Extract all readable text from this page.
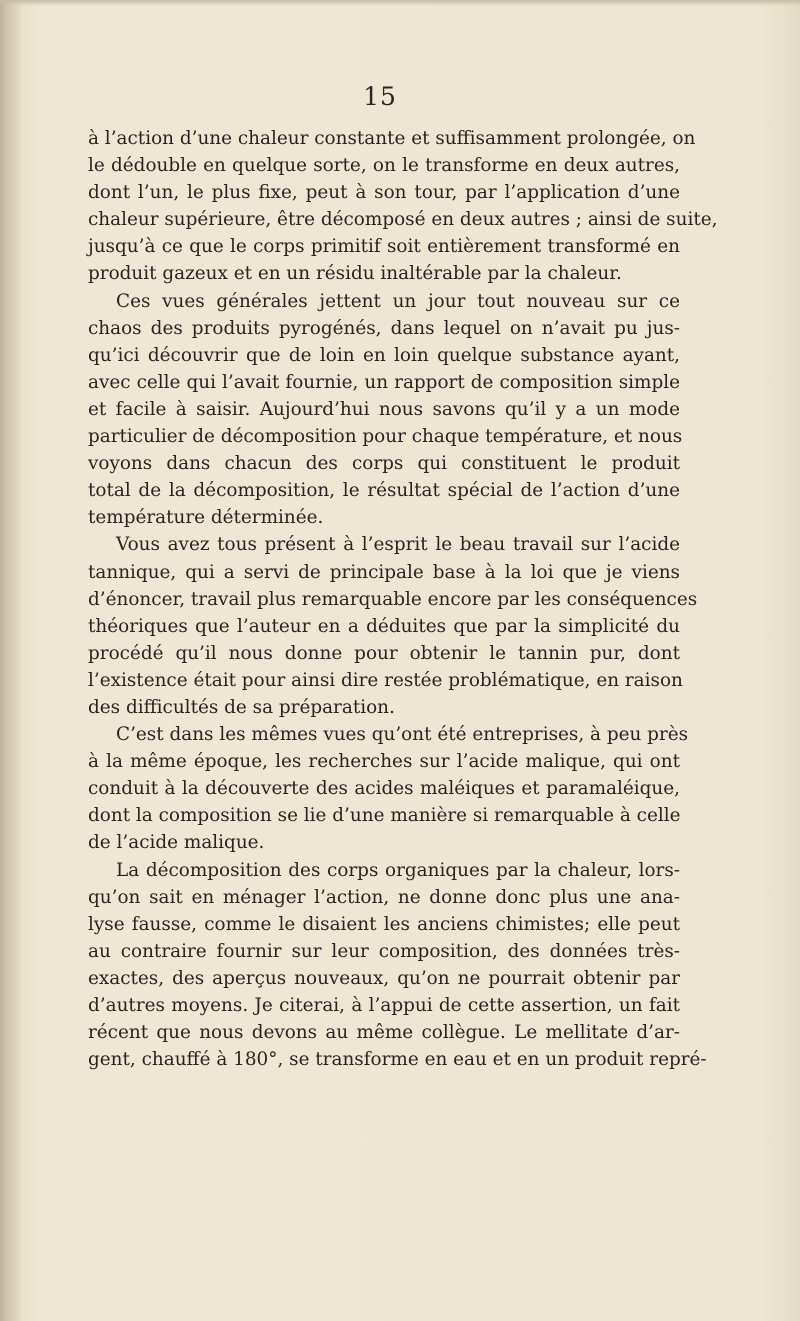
15
à l’action d’une chaleur constante et suffisamment prolongée, on
le dédouble en quelque sorte, on le transforme en deux autres,
dont l’un, le plus fixe, peut à son tour, par l’application d’une
chaleur supérieure, être décomposé en deux autres ; ainsi de suite,
jusqu’à ce que le corps primitif soit entièrement transformé en
produit gazeux et en un résidu inaltérable par la chaleur.
Ces vues générales jettent un jour tout nouveau sur ce
chaos des produits pyrogénés, dans lequel on n’avait pu jus-
qu’ici découvrir que de loin en loin quelque substance ayant,
avec celle qui l’avait fournie, un rapport de composition simple
et facile à saisir. Aujourd’hui nous savons qu’il y a un mode
particulier de décomposition pour chaque température, et nous
voyons dans chacun des corps qui constituent le produit
total de la décomposition, le résultat spécial de l’action d’une
température déterminée.
Vous avez tous présent à l’esprit le beau travail sur l’acide
tannique, qui a servi de principale base à la loi que je viens
d’énoncer, travail plus remarquable encore par les conséquences
théoriques que l’auteur en a déduites que par la simplicité du
procédé qu’il nous donne pour obtenir le tannin pur, dont
l’existence était pour ainsi dire restée problématique, en raison
des difficultés de sa préparation.
C’est dans les mêmes vues qu’ont été entreprises, à peu près
à la même époque, les recherches sur l’acide malique, qui ont
conduit à la découverte des acides maléiques et paramaléique,
dont la composition se lie d’une manière si remarquable à celle
de l’acide malique.
La décomposition des corps organiques par la chaleur, lors-
qu’on sait en ménager l’action, ne donne donc plus une ana-
lyse fausse, comme le disaient les anciens chimistes; elle peut
au contraire fournir sur leur composition, des données très-
exactes, des aperçus nouveaux, qu’on ne pourrait obtenir par
d’autres moyens. Je citerai, à l’appui de cette assertion, un fait
récent que nous devons au même collègue. Le mellitate d’ar-
gent, chauffé à 180°, se transforme en eau et en un produit repré-
